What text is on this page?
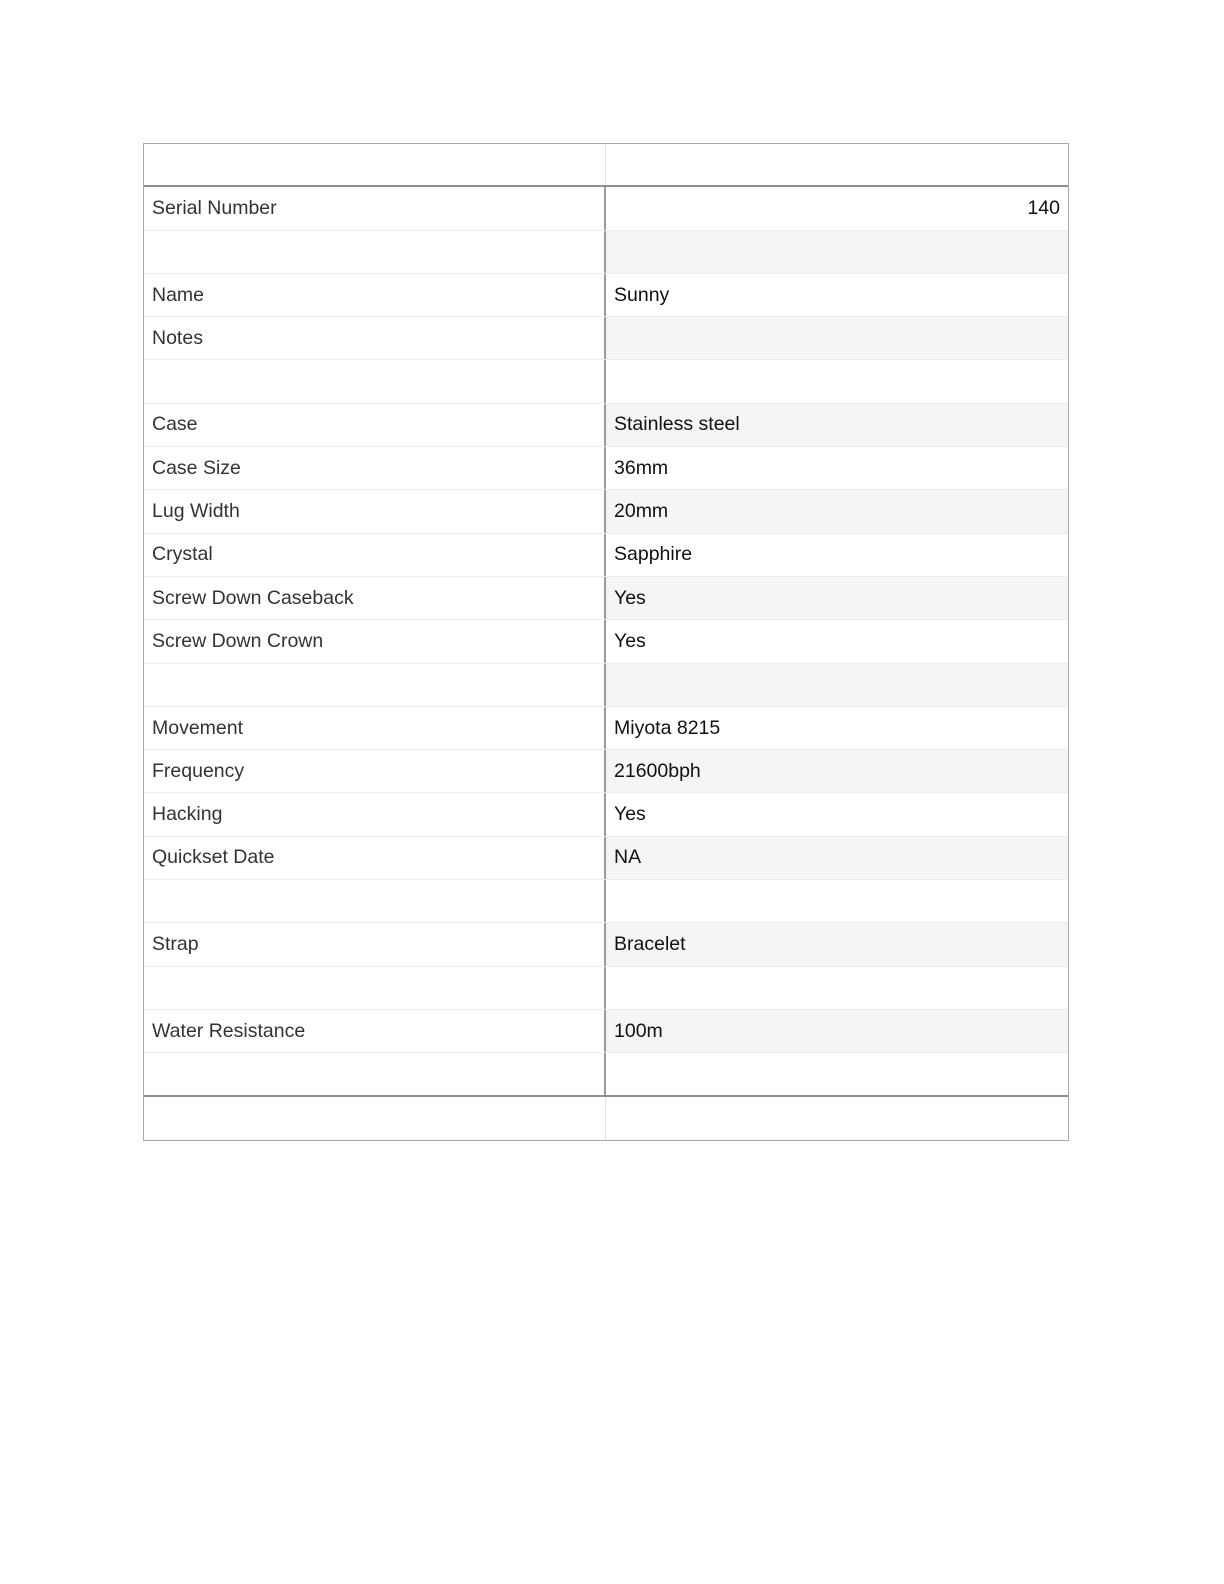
Serial Number	140
Name	Sunny
Notes
Case	Stainless steel
Case Size	36mm
Lug Width	20mm
Crystal	Sapphire
Screw Down Caseback	Yes
Screw Down Crown	Yes
Movement	Miyota 8215
Frequency	21600bph
Hacking	Yes
Quickset Date	NA
Strap	Bracelet
Water Resistance	100m
